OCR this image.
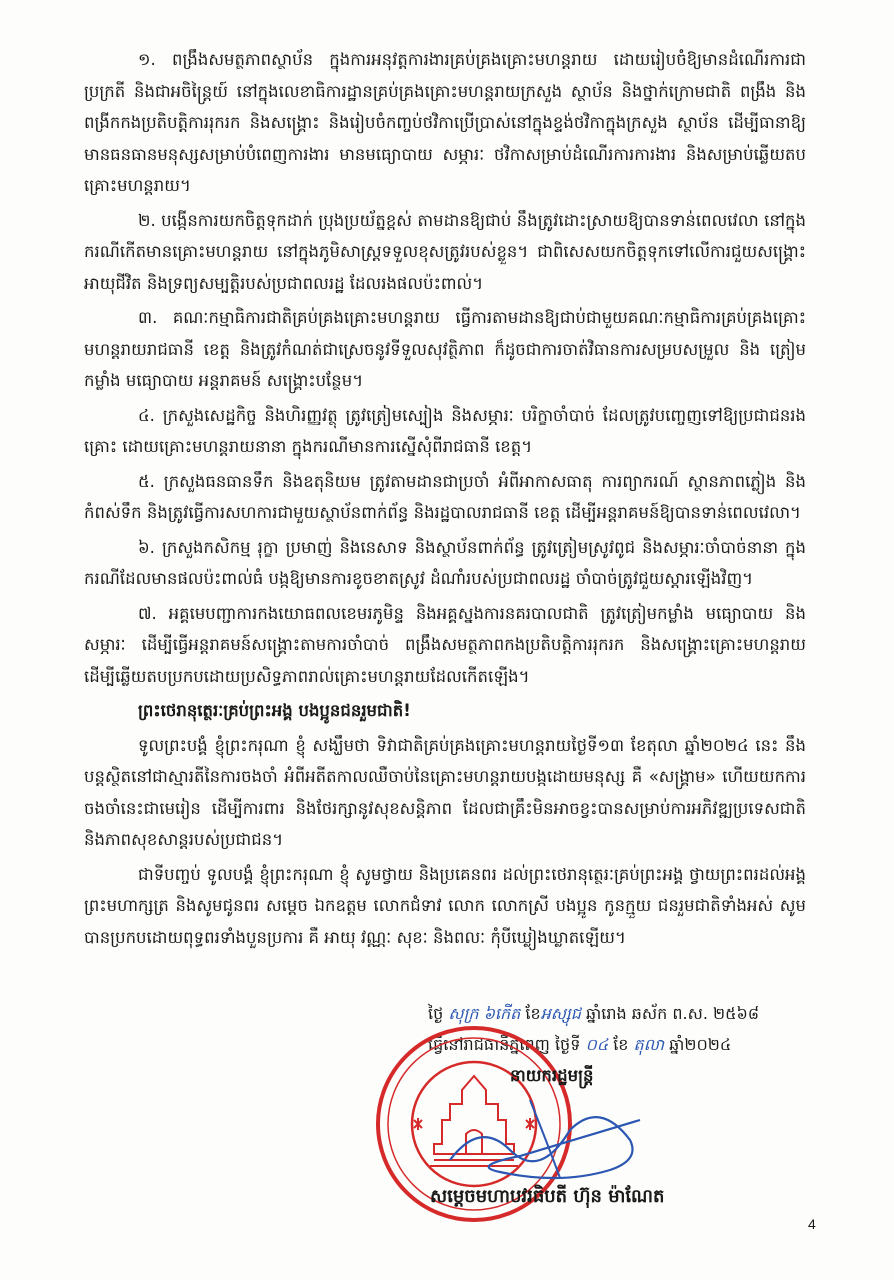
១. ពង្រឹងសមត្ថភាពស្ថាប័ន ក្នុងការអនុវត្តការងារគ្រប់គ្រងគ្រោះមហន្តរាយ ដោយរៀបចំឱ្យមានដំណើរការជាប្រក្រតី និងជាអចិន្ត្រៃយ៍ នៅក្នុងលេខាធិការដ្ឋានគ្រប់គ្រងគ្រោះមហន្តរាយក្រសួង ស្ថាប័ន និងថ្នាក់ក្រោមជាតិ ពង្រឹង និងពង្រីកកងប្រតិបត្តិការរុករក និងសង្គ្រោះ និងរៀបចំកញ្ចប់ថវិកាប្រើប្រាស់នៅក្នុងខ្ទង់ថវិកាក្នុងក្រសួង ស្ថាប័ន ដើម្បីធានាឱ្យមានធនធានមនុស្សសម្រាប់បំពេញការងារ មានមធ្យោបាយ សម្ភារៈ ថវិកាសម្រាប់ដំណើរការការងារ និងសម្រាប់ឆ្លើយតបគ្រោះមហន្តរាយ។

២. បង្កើនការយកចិត្តទុកដាក់ ប្រុងប្រយ័ត្នខ្ពស់ តាមដានឱ្យជាប់ នឹងត្រូវដោះស្រាយឱ្យបានទាន់ពេលវេលា នៅក្នុងករណីកើតមានគ្រោះមហន្តរាយ នៅក្នុងភូមិសាស្ត្រទទួលខុសត្រូវរបស់ខ្លួន។ ជាពិសេសយកចិត្តទុកទៅលើការជួយសង្គ្រោះអាយុជីវិត និងទ្រព្យសម្បត្តិរបស់ប្រជាពលរដ្ឋ ដែលរងផលប៉ះពាល់។

៣. គណៈកម្មាធិការជាតិគ្រប់គ្រងគ្រោះមហន្តរាយ ធ្វើការតាមដានឱ្យជាប់ជាមួយគណៈកម្មាធិការគ្រប់គ្រងគ្រោះមហន្តរាយរាជធានី ខេត្ត និងត្រូវកំណត់ជាស្រេចនូវទីទួលសុវត្ថិភាព ក៏ដូចជាការចាត់វិធានការសម្របសម្រួល និង ត្រៀមកម្លាំង មធ្យោបាយ អន្តរាគមន៍ សង្គ្រោះបន្ថែម។

៤. ក្រសួងសេដ្ឋកិច្ច និងហិរញ្ញវត្ថុ ត្រូវត្រៀមស្បៀង និងសម្ភារៈ បរិក្ខាចាំបាច់ ដែលត្រូវបញ្ចេញទៅឱ្យប្រជាជនរងគ្រោះ ដោយគ្រោះមហន្តរាយនានា ក្នុងករណីមានការស្នើសុំពីរាជធានី ខេត្ត។

៥. ក្រសួងធនធានទឹក និងឧតុនិយម ត្រូវតាមដានជាប្រចាំ អំពីអាកាសធាតុ ការព្យាករណ៍ ស្ថានភាពភ្លៀង និងកំពស់ទឹក និងត្រូវធ្វើការសហការជាមួយស្ថាប័នពាក់ព័ន្ធ និងរដ្ឋបាលរាជធានី ខេត្ត ដើម្បីអន្តរាគមន៍ឱ្យបានទាន់ពេលវេលា។

៦. ក្រសួងកសិកម្ម រុក្ខា ប្រមាញ់ និងនេសាទ និងស្ថាប័នពាក់ព័ន្ធ ត្រូវត្រៀមស្រូវពូជ និងសម្ភារៈចាំបាច់នានា ក្នុងករណីដែលមានផលប៉ះពាល់ធំ បង្កឱ្យមានការខូចខាតស្រូវ ដំណាំរបស់ប្រជាពលរដ្ឋ ចាំបាច់ត្រូវជួយស្តារឡើងវិញ។

៧. អគ្គមេបញ្ជាការកងយោធពលខេមរភូមិន្ទ និងអគ្គស្នងការនគរបាលជាតិ ត្រូវត្រៀមកម្លាំង មធ្យោបាយ និងសម្ភារៈ ដើម្បីធ្វើអន្តរាគមន៍សង្គ្រោះតាមការចាំបាច់ ពង្រឹងសមត្ថភាពកងប្រតិបត្តិការរុករក និងសង្គ្រោះគ្រោះមហន្តរាយ ដើម្បីឆ្លើយតបប្រកបដោយប្រសិទ្ធភាពរាល់គ្រោះមហន្តរាយដែលកើតឡើង។

ព្រះថេរានុត្ថេរៈគ្រប់ព្រះអង្គ បងប្អូនជនរួមជាតិ!

ទូលព្រះបង្គំ ខ្ញុំព្រះករុណា ខ្ញុំ សង្ឃឹមថា ទិវាជាតិគ្រប់គ្រងគ្រោះមហន្តរាយថ្ងៃទី១៣ ខែតុលា ឆ្នាំ២០២៤ នេះ នឹងបន្តស្ថិតនៅជាស្មារតីនៃការចងចាំ អំពីអតីតកាលឈឺចាប់នៃគ្រោះមហន្តរាយបង្កដោយមនុស្ស គឺ «សង្គ្រាម» ហើយយកការចងចាំនេះជាមេរៀន ដើម្បីការពារ និងថែរក្សានូវសុខសន្តិភាព ដែលជាគ្រឹះមិនអាចខ្វះបានសម្រាប់ការអភិវឌ្ឍប្រទេសជាតិ និងភាពសុខសាន្តរបស់ប្រជាជន។

ជាទីបញ្ចប់ ទូលបង្គំ ខ្ញុំព្រះករុណា ខ្ញុំ សូមថ្វាយ និងប្រគេនពរ ដល់ព្រះថេរានុត្ថេរៈគ្រប់ព្រះអង្គ ថ្វាយព្រះពរដល់អង្គព្រះមហាក្សត្រ និងសូមជូនពរ សម្តេច ឯកឧត្តម លោកជំទាវ លោក លោកស្រី បងប្អូន កូនក្មួយ ជនរួមជាតិទាំងអស់ សូមបានប្រកបដោយពុទ្ធពរទាំងបួនប្រការ គឺ អាយុ វណ្ណៈ សុខៈ និងពលៈ កុំបីឃ្លៀងឃ្លាតឡើយ។

ថ្ងៃ សុក្រ ៦កើត ខែអស្សុជ ឆ្នាំរោង ឆស័ក ព.ស. ២៥៦៨
ធ្វើនៅរាជធានីភ្នំពេញ ថ្ងៃទី ០៤ ខែ តុលា ឆ្នាំ២០២៤
នាយករដ្ឋមន្ត្រី
សម្តេចមហាបវរធិបតី ហ៊ុន ម៉ាណែត
4
